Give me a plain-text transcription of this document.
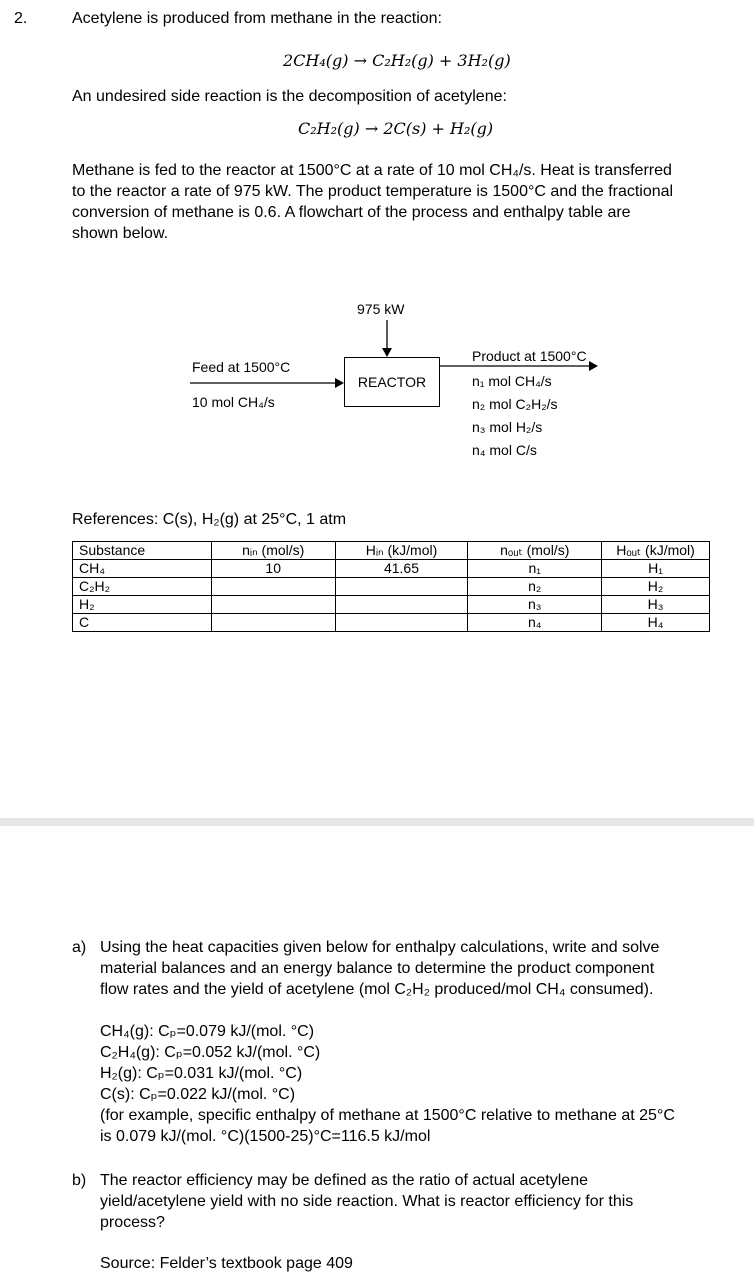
2.	Acetylene is produced from methane in the reaction:
2CH₄(g) → C₂H₂(g) + 3H₂(g)
An undesired side reaction is the decomposition of acetylene:
C₂H₂(g) → 2C(s) + H₂(g)
Methane is fed to the reactor at 1500°C at a rate of 10 mol CH₄/s. Heat is transferred
to the reactor a rate of 975 kW. The product temperature is 1500°C and the fractional
conversion of methane is 0.6. A flowchart of the process and enthalpy table are
shown below.
975 kW
REACTOR
Feed at 1500°C
10 mol CH₄/s
Product at 1500°C
n₁ mol CH₄/s
n₂ mol C₂H₂/s
n₃ mol H₂/s
n₄ mol C/s
References: C(s), H₂(g) at 25°C, 1 atm
Substance	nᵢₙ (mol/s)	Hᵢₙ (kJ/mol)	nₒᵤₜ (mol/s)	Hₒᵤₜ (kJ/mol)
CH₄	10	41.65	n₁	H₁
C₂H₂			n₂	H₂
H₂			n₃	H₃
C			n₄	H₄
a) Using the heat capacities given below for enthalpy calculations, write and solve
material balances and an energy balance to determine the product component
flow rates and the yield of acetylene (mol C₂H₂ produced/mol CH₄ consumed).
CH₄(g): Cₚ=0.079 kJ/(mol. °C)
C₂H₄(g): Cₚ=0.052 kJ/(mol. °C)
H₂(g): Cₚ=0.031 kJ/(mol. °C)
C(s): Cₚ=0.022 kJ/(mol. °C)
(for example, specific enthalpy of methane at 1500°C relative to methane at 25°C
is 0.079 kJ/(mol. °C)(1500-25)°C=116.5 kJ/mol
b) The reactor efficiency may be defined as the ratio of actual acetylene
yield/acetylene yield with no side reaction. What is reactor efficiency for this
process?
Source: Felder’s textbook page 409
